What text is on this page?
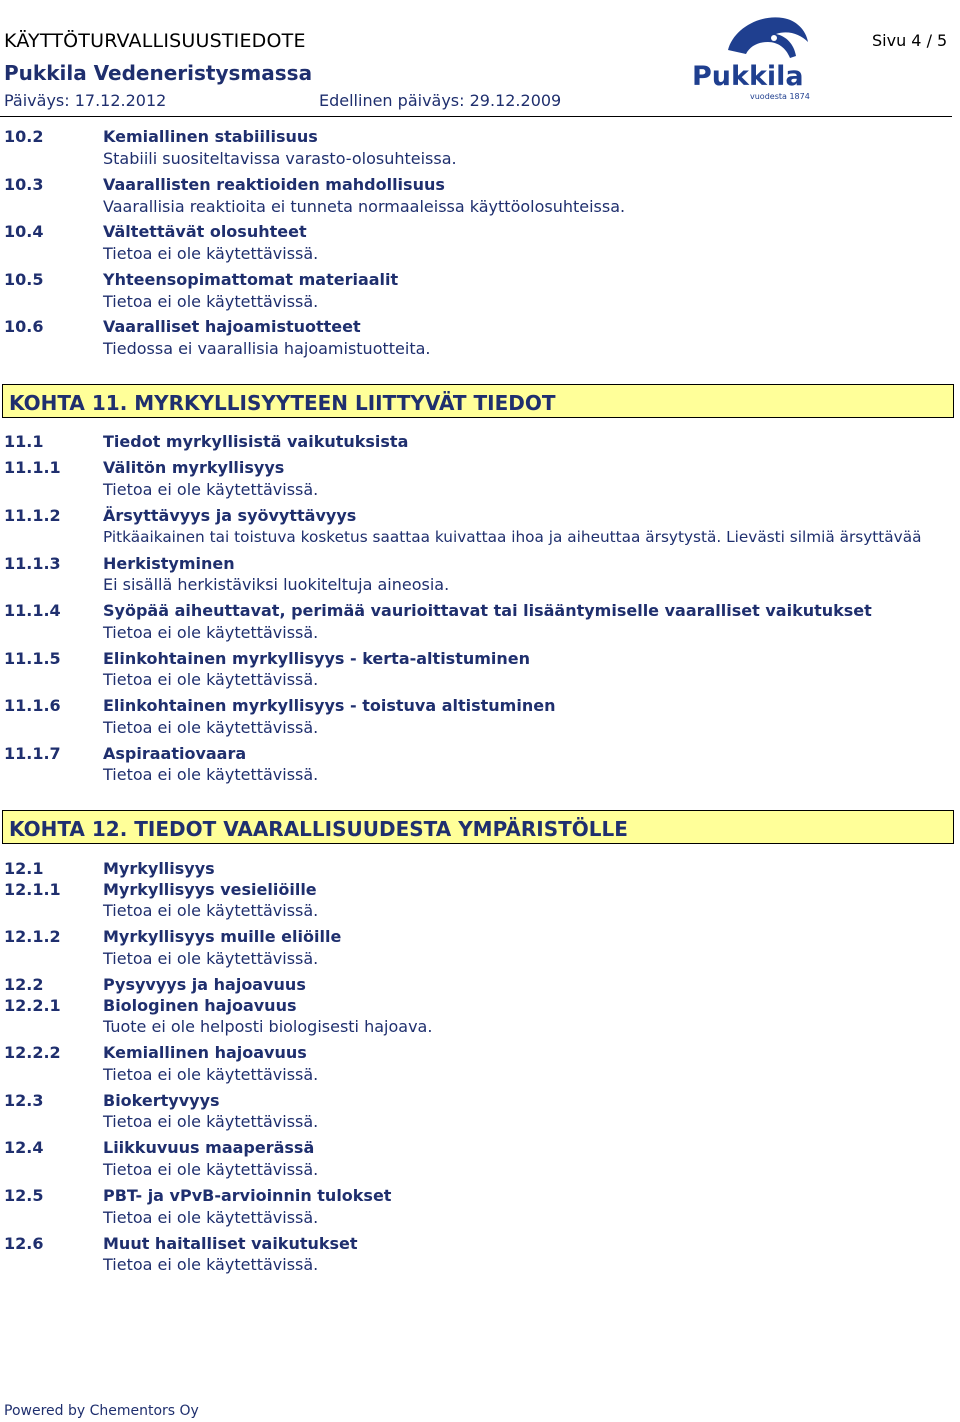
KÄYTTÖTURVALLISUUSTIEDOTE
Pukkila Vedeneristysmassa
Päiväys: 17.12.2012	Edellinen päiväys: 29.12.2009
Sivu 4 / 5
Pukkila
vuodesta 1874
10.2	Kemiallinen stabiilisuus
Stabiili suositeltavissa varasto-olosuhteissa.
10.3	Vaarallisten reaktioiden mahdollisuus
Vaarallisia reaktioita ei tunneta normaaleissa käyttöolosuhteissa.
10.4	Vältettävät olosuhteet
Tietoa ei ole käytettävissä.
10.5	Yhteensopimattomat materiaalit
Tietoa ei ole käytettävissä.
10.6	Vaaralliset hajoamistuotteet
Tiedossa ei vaarallisia hajoamistuotteita.
KOHTA 11. MYRKYLLISYYTEEN LIITTYVÄT TIEDOT
11.1	Tiedot myrkyllisistä vaikutuksista
11.1.1	Välitön myrkyllisyys
Tietoa ei ole käytettävissä.
11.1.2	Ärsyttävyys ja syövyttävyys
Pitkäaikainen tai toistuva kosketus saattaa kuivattaa ihoa ja aiheuttaa ärsytystä. Lievästi silmiä ärsyttävää
11.1.3	Herkistyminen
Ei sisällä herkistäviksi luokiteltuja aineosia.
11.1.4	Syöpää aiheuttavat, perimää vaurioittavat tai lisääntymiselle vaaralliset vaikutukset
Tietoa ei ole käytettävissä.
11.1.5	Elinkohtainen myrkyllisyys - kerta-altistuminen
Tietoa ei ole käytettävissä.
11.1.6	Elinkohtainen myrkyllisyys - toistuva altistuminen
Tietoa ei ole käytettävissä.
11.1.7	Aspiraatiovaara
Tietoa ei ole käytettävissä.
KOHTA 12. TIEDOT VAARALLISUUDESTA YMPÄRISTÖLLE
12.1	Myrkyllisyys
12.1.1	Myrkyllisyys vesieliöille
Tietoa ei ole käytettävissä.
12.1.2	Myrkyllisyys muille eliöille
Tietoa ei ole käytettävissä.
12.2	Pysyvyys ja hajoavuus
12.2.1	Biologinen hajoavuus
Tuote ei ole helposti biologisesti hajoava.
12.2.2	Kemiallinen hajoavuus
Tietoa ei ole käytettävissä.
12.3	Biokertyvyys
Tietoa ei ole käytettävissä.
12.4	Liikkuvuus maaperässä
Tietoa ei ole käytettävissä.
12.5	PBT- ja vPvB-arvioinnin tulokset
Tietoa ei ole käytettävissä.
12.6	Muut haitalliset vaikutukset
Tietoa ei ole käytettävissä.
Powered by Chementors Oy
